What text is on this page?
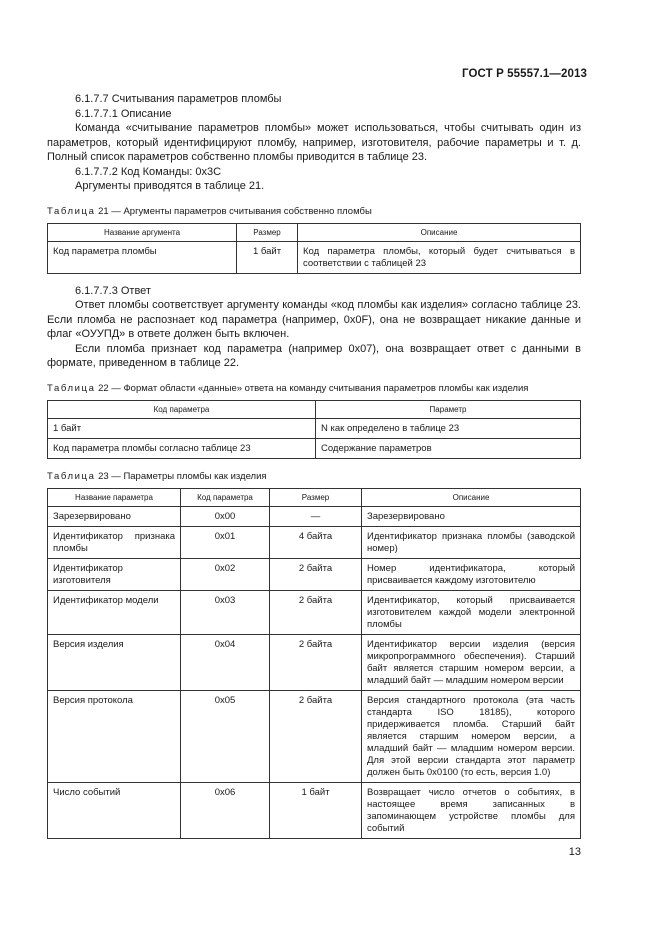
ГОСТ Р 55557.1—2013

6.1.7.7 Считывания параметров пломбы

6.1.7.7.1 Описание

Команда «считывание параметров пломбы» может использоваться, чтобы считывать один из параметров, который идентифицируют пломбу, например, изготовителя, рабочие параметры и т. д. Полный список параметров собственно пломбы приводится в таблице 23.

6.1.7.7.2 Код Команды: 0x3C

Аргументы приводятся в таблице 21.

Таблица 21 — Аргументы параметров считывания собственно пломбы
Название аргумента	Размер	Описание
Код параметра пломбы	1 байт	Код параметра пломбы, который будет считываться в соответствии с таблицей 23

6.1.7.7.3 Ответ

Ответ пломбы соответствует аргументу команды «код пломбы как изделия» согласно таблице 23. Если пломба не распознает код параметра (например, 0x0F), она не возвращает никакие данные и флаг «ОУУПД» в ответе должен быть включен.

Если пломба признает код параметра (например 0x07), она возвращает ответ с данными в формате, приведенном в таблице 22.

Таблица 22 — Формат области «данные» ответа на команду считывания параметров пломбы как изделия
Код параметра	Параметр
1 байт	N как определено в таблице 23
Код параметра пломбы согласно таблице 23	Содержание параметров
Таблица 23 — Параметры пломбы как изделия
Название параметра	Код параметра	Размер	Описание
Зарезервировано	0x00	—	Зарезервировано
Идентификатор признака пломбы	0x01	4 байта	Идентификатор признака пломбы (заводской номер)
Идентификатор изготовителя	0x02	2 байта	Номер идентификатора, который присваивается каждому изготовителю
Идентификатор модели	0x03	2 байта	Идентификатор, который присваивается изготовителем каждой модели электронной пломбы
Версия изделия	0x04	2 байта	Идентификатор версии изделия (версия микропрограммного обеспечения). Старший байт является старшим номером версии, а младший байт — младшим номером версии
Версия протокола	0x05	2 байта	Версия стандартного протокола (эта часть стандарта ISO 18185), которого придерживается пломба. Старший байт является старшим номером версии, а младший байт — младшим номером версии. Для этой версии стандарта этот параметр должен быть 0x0100 (то есть, версия 1.0)
Число событий	0x06	1 байт	Возвращает число отчетов о событиях, в настоящее время записанных в запоминающем устройстве пломбы для событий
13
